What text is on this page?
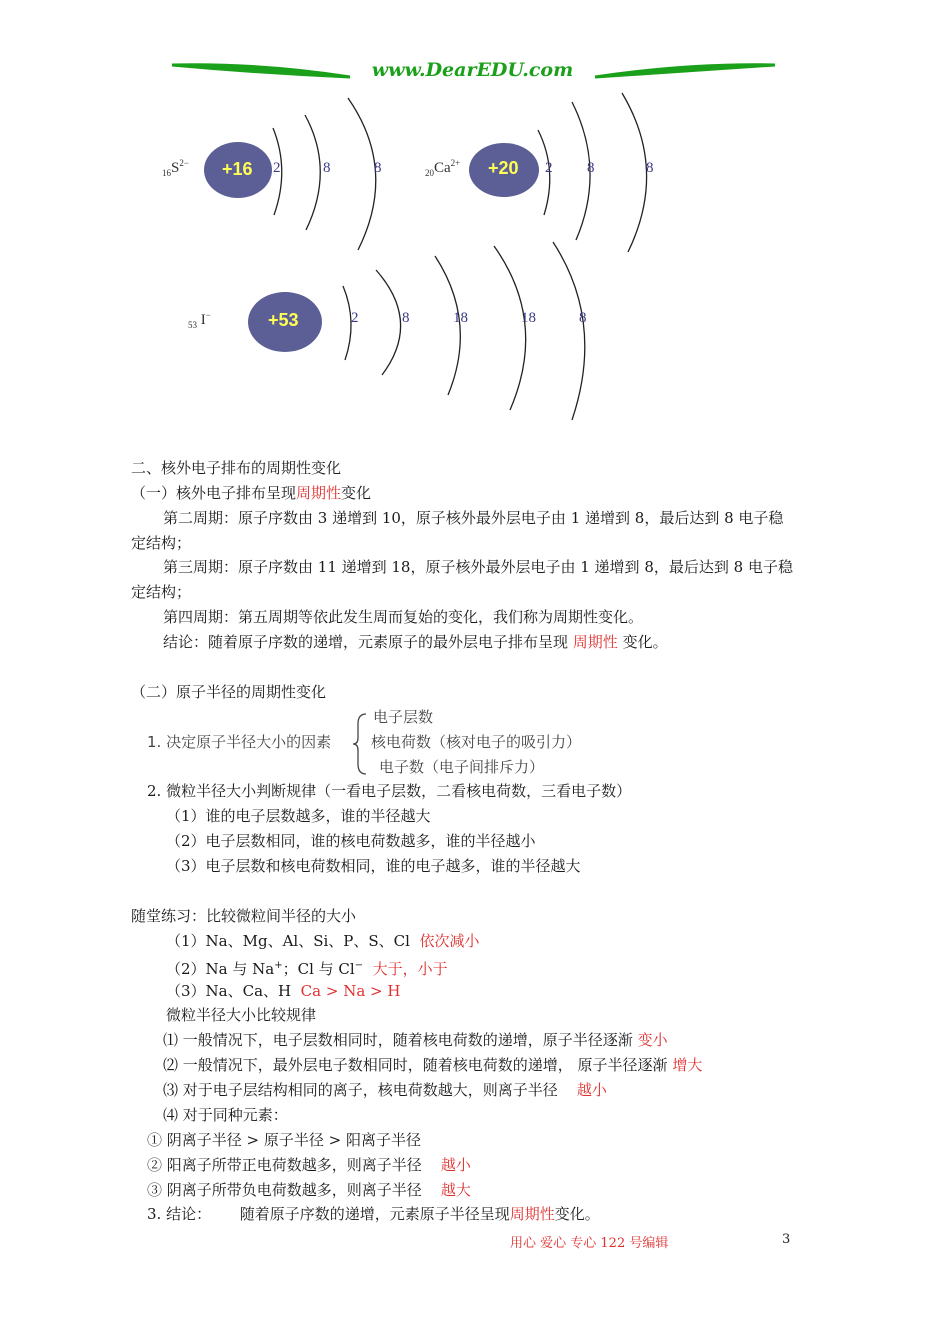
www.DearEDU.com
$_{16}S^{2-} +16$ 2	8	8	$_{20}Ca^{2+} +20$ 2 8	8
$_{53}$ I−	+53	2	8	18	18	8
二、核外电子排布的周期性变化
（一）核外电子排布呈现周期性变化
第二周期：原子序数由 3 递增到 10，原子核外最外层电子由 1 递增到 8，最后达到 8 电子稳
定结构；
第三周期：原子序数由 11 递增到 18，原子核外最外层电子由 1 递增到 8，最后达到 8 电子稳
定结构；
第四周期：第五周期等依此发生周而复始的变化，我们称为周期性变化。
结论：随着原子序数的递增，元素原子的最外层电子排布呈现 周期性 变化。
（二）原子半径的周期性变化
1. 决定原子半径大小的因素
电子层数
核电荷数（核对电子的吸引力）
电子数（电子间排斥力）
2. 微粒半径大小判断规律（一看电子层数，二看核电荷数，三看电子数）
（1）谁的电子层数越多，谁的半径越大
（2）电子层数相同，谁的核电荷数越多，谁的半径越小
（3）电子层数和核电荷数相同，谁的电子越多，谁的半径越大
随堂练习：比较微粒间半径的大小
（1）Na、Mg、Al、Si、P、S、Cl 依次减小
（2）Na 与 Na+；Cl 与 Cl− 大于，小于
（3）Na、Ca、H Ca > Na > H
微粒半径大小比较规律
⑴ 一般情况下，电子层数相同时，随着核电荷数的递增，原子半径逐渐 变小
⑵ 一般情况下，最外层电子数相同时，随着核电荷数的递增， 原子半径逐渐 增大
⑶ 对于电子层结构相同的离子，核电荷数越大，则离子半径 越小
⑷ 对于同种元素：
① 阴离子半径 > 原子半径 > 阳离子半径
② 阳离子所带正电荷数越多，则离子半径 越小
③ 阴离子所带负电荷数越多，则离子半径 越大
3. 结论： 随着原子序数的递增，元素原子半径呈现周期性变化。
用心 爱心 专心 122 号编辑	3
